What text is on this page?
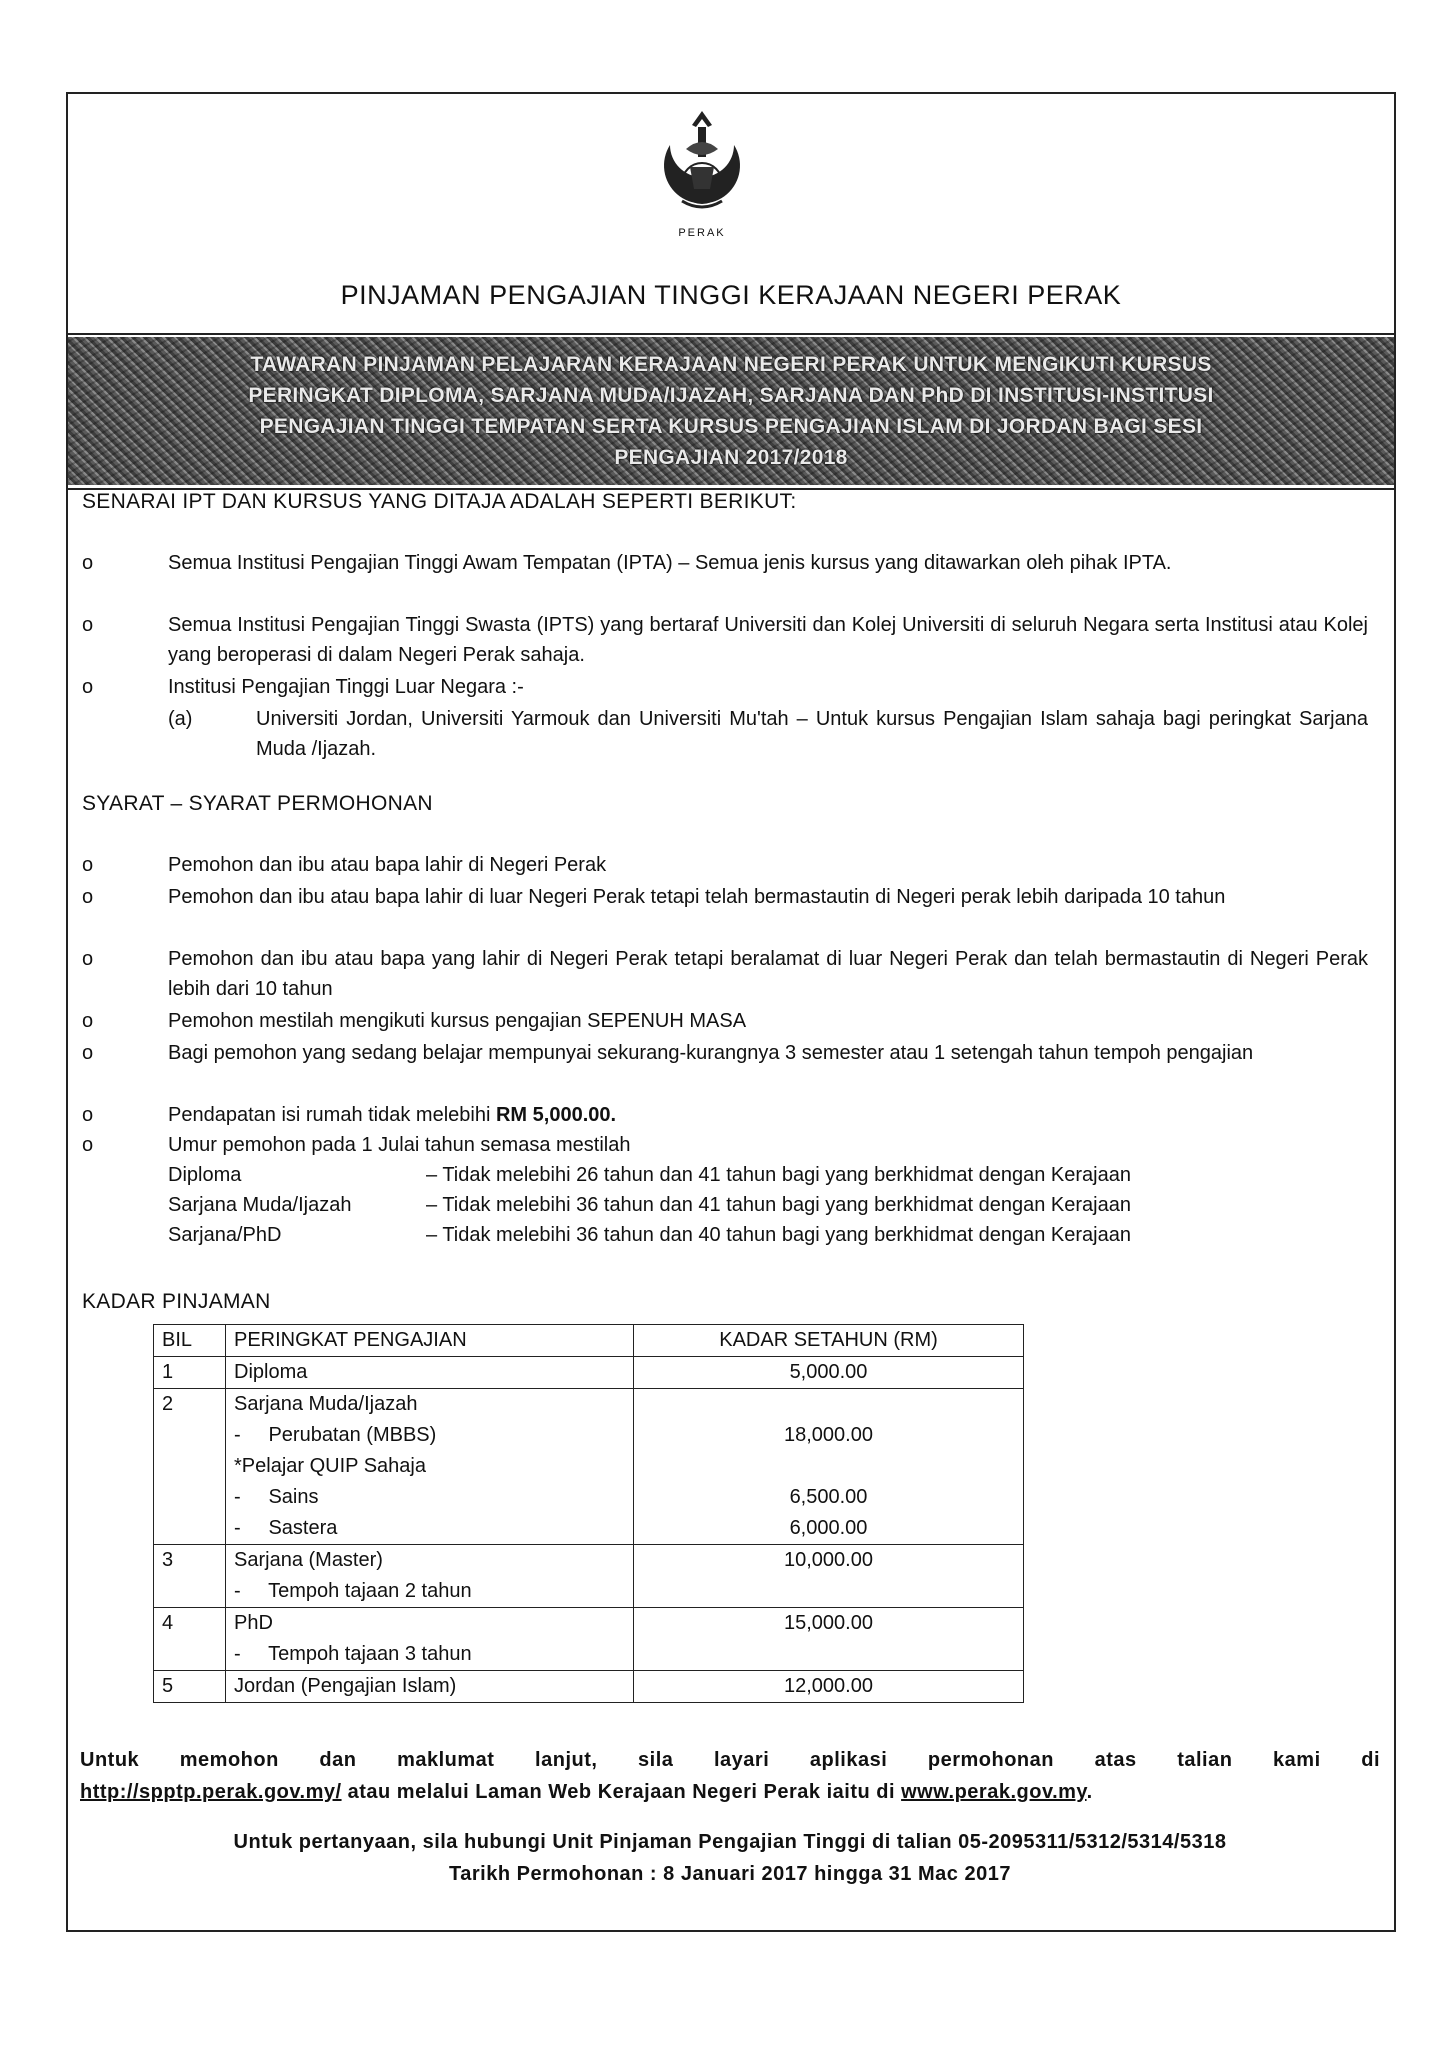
PERAK
PINJAMAN PENGAJIAN TINGGI KERAJAAN NEGERI PERAK
TAWARAN PINJAMAN PELAJARAN KERAJAAN NEGERI PERAK UNTUK MENGIKUTI KURSUS
PERINGKAT DIPLOMA, SARJANA MUDA/IJAZAH, SARJANA DAN PhD DI INSTITUSI-INSTITUSI
PENGAJIAN TINGGI TEMPATAN SERTA KURSUS PENGAJIAN ISLAM DI JORDAN BAGI SESI
PENGAJIAN 2017/2018
SENARAI IPT DAN KURSUS YANG DITAJA ADALAH SEPERTI BERIKUT:
o	Semua Institusi Pengajian Tinggi Awam Tempatan (IPTA) – Semua jenis kursus yang ditawarkan oleh pihak IPTA.
o	Semua Institusi Pengajian Tinggi Swasta (IPTS) yang bertaraf Universiti dan Kolej Universiti di seluruh Negara serta Institusi atau Kolej yang beroperasi di dalam Negeri Perak sahaja.
o	Institusi Pengajian Tinggi Luar Negara :-
(a)	Universiti Jordan, Universiti Yarmouk dan Universiti Mu'tah – Untuk kursus Pengajian Islam sahaja bagi peringkat Sarjana Muda /Ijazah.
SYARAT – SYARAT PERMOHONAN
o	Pemohon dan ibu atau bapa lahir di Negeri Perak
o	Pemohon dan ibu atau bapa lahir di luar Negeri Perak tetapi telah bermastautin di Negeri perak lebih daripada 10 tahun
o	Pemohon dan ibu atau bapa yang lahir di Negeri Perak tetapi beralamat di luar Negeri Perak dan telah bermastautin di Negeri Perak lebih dari 10 tahun
o	Pemohon mestilah mengikuti kursus pengajian SEPENUH MASA
o	Bagi pemohon yang sedang belajar mempunyai sekurang-kurangnya 3 semester atau 1 setengah tahun tempoh pengajian
o	Pendapatan isi rumah tidak melebihi RM 5,000.00.
o	Umur pemohon pada 1 Julai tahun semasa mestilah
Diploma	– Tidak melebihi 26 tahun dan 41 tahun bagi yang berkhidmat dengan Kerajaan
Sarjana Muda/Ijazah	– Tidak melebihi 36 tahun dan 41 tahun bagi yang berkhidmat dengan Kerajaan
Sarjana/PhD	– Tidak melebihi 36 tahun dan 40 tahun bagi yang berkhidmat dengan Kerajaan
KADAR PINJAMAN
BIL	PERINGKAT PENGAJIAN	KADAR SETAHUN (RM)
1	Diploma	5,000.00
2	Sarjana Muda/Ijazah	
	-     Perubatan (MBBS)	18,000.00
	*Pelajar QUIP Sahaja	
	-     Sains	6,500.00
	-     Sastera	6,000.00
3	Sarjana (Master)	10,000.00
	-     Tempoh tajaan 2 tahun	
4	PhD	15,000.00
	-     Tempoh tajaan 3 tahun	
5	Jordan (Pengajian Islam)	12,000.00
Untuk memohon dan maklumat lanjut, sila layari aplikasi permohonan atas talian kami di
http://spptp.perak.gov.my/ atau melalui Laman Web Kerajaan Negeri Perak iaitu di www.perak.gov.my.
Untuk pertanyaan, sila hubungi Unit Pinjaman Pengajian Tinggi di talian 05-2095311/5312/5314/5318
Tarikh Permohonan : 8 Januari 2017 hingga 31 Mac 2017
